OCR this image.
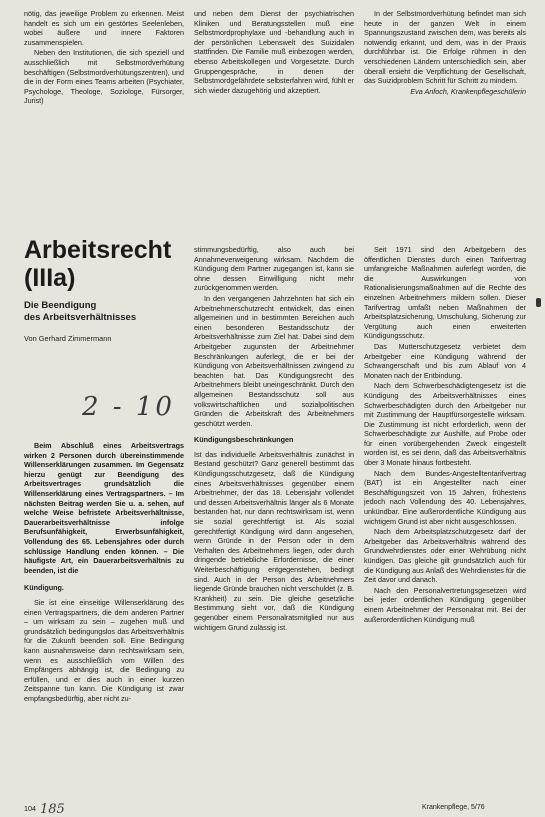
nötig, das jeweilige Problem zu erkennen. Meist handelt es sich um ein gestörtes Seelenleben, wobei äußere und innere Faktoren zusammenspielen.

Neben den Institutionen, die sich speziell und ausschließlich mit Selbstmordverhütung beschäftigen (Selbstmordverhütungszentren), und die in der Form eines Teams arbeiten (Psychiater, Psychologe, Theologe, Soziologe, Fürsorger, Jurist)

und neben dem Dienst der psychiatrischen Kliniken und Beratungsstellen muß eine Selbstmordprophylaxe und -behandlung auch in der persönlichen Lebenswelt des Suizidalen stattfinden. Die Familie muß einbezogen werden, ebenso Arbeitskollegen und Vorgesetzte. Durch Gruppengespräche, in denen der Selbstmordgefährdete selbsterfahren wird, fühlt er sich wieder dazugehörig und akzeptiert.

In der Selbstmordverhütung befindet man sich heute in der ganzen Welt in einem Spannungszustand zwischen dem, was bereits als notwendig erkannt, und dem, was in der Praxis durchführbar ist. Die Erfolge rühmen in den verschiedenen Ländern unterschiedlich sein, aber überall ersieht die Verpflichtung der Gesellschaft, das Suizidproblem Schritt für Schritt zu mindern.

Eva Anfoch, Krankenpflegeschülerin
Arbeitsrecht
(IIIa)
Die Beendigung
des Arbeitsverhältnisses
Von Gerhard Zimmermann
2 - 10
Beim Abschluß eines Arbeitsvertrags wirken 2 Personen durch übereinstimmende Willenserklärungen zusammen. Im Gegensatz hierzu genügt zur Beendigung des Arbeitsvertrages grundsätzlich die Willenserklärung eines Vertragspartners. – Im nächsten Beitrag werden Sie u. a. sehen, auf welche Weise befristete Arbeitsverhältnisse, Dauerarbeitsverhältnisse infolge Berufsunfähigkeit, Erwerbsunfähigkeit, Vollendung des 65. Lebensjahres oder durch schlüssige Handlung enden können. – Die häufigste Art, ein Dauerarbeitsverhältnis zu beenden, ist die
Kündigung.

Sie ist eine einseitige Willenserklärung des einen Vertragspartners, die dem anderen Partner – um wirksam zu sein – zugehen muß und grundsätzlich bedingungslos das Arbeitsverhältnis für die Zukunft beenden soll. Eine Bedingung kann ausnahmsweise dann rechtswirksam sein, wenn es ausschließlich vom Willen des Empfängers abhängig ist, die Bedingung zu erfüllen, und er dies auch in einer kurzen Zeitspanne tun kann. Die Kündigung ist zwar empfangsbedürftig, aber nicht zu-

stimmungsbedürftig, also auch bei Annahmeverweigerung wirksam. Nachdem die Kündigung dem Partner zugegangen ist, kann sie ohne dessen Einwilligung nicht mehr zurückgenommen werden.

In den vergangenen Jahrzehnten hat sich ein Arbeitnehmerschutzrecht entwickelt, das einen allgemeinen und in bestimmten Bereichen auch einen besonderen Bestandsschutz der Arbeitsverhältnisse zum Ziel hat. Dabei sind dem Arbeitgeber zugunsten der Arbeitnehmer Beschränkungen auferlegt, die er bei der Kündigung von Arbeitsverhältnissen zwingend zu beachten hat. Das Kündigungsrecht des Arbeitnehmers bleibt uneingeschränkt. Durch den allgemeinen Bestandsschutz soll aus volkswirtschaftlichen und sozialpolitischen Gründen die Arbeitskraft des Arbeitnehmers geschützt werden.

Kündigungsbeschränkungen

Ist das individuelle Arbeitsverhältnis zunächst in Bestand geschützt? Ganz generell bestimmt das Kündigungsschutzgesetz, daß die Kündigung eines Arbeitsverhältnisses gegenüber einem Arbeitnehmer, der das 18. Lebensjahr vollendet und dessen Arbeitsverhältnis länger als 6 Monate bestanden hat, nur dann rechtswirksam ist, wenn sie sozial gerechtfertigt ist. Als sozial gerechtfertigt Kündigung wird dann angesehen, wenn Gründe in der Person oder in dem Verhalten des Arbeitnehmers liegen, oder durch dringende betriebliche Erfordernisse, die einer Weiterbeschäftigung entgegenstehen, bedingt sind. Auch in der Person des Arbeitnehmers liegende Gründe brauchen nicht verschuldet (z. B. Krankheit) zu sein. Die gleiche gesetzliche Bestimmung sieht vor, daß die Kündigung gegenüber einem Personalratsmitglied nur aus wichtigem Grund zulässig ist.

Seit 1971 sind den Arbeitgebern des öffentlichen Dienstes durch einen Tarifvertrag umfangreiche Maßnahmen auferlegt worden, die die Auswirkungen von Rationalisierungsmaßnahmen auf die Rechte des einzelnen Arbeitnehmers mildern sollen. Dieser Tarifvertrag umfaßt neben Maßnahmen der Arbeitsplatzsicherung, Umschulung, Sicherung zur Vergütung auch einen erweiterten Kündigungsschutz.

Das Mutterschutzgesetz verbietet dem Arbeitgeber eine Kündigung während der Schwangerschaft und bis zum Ablauf von 4 Monaten nach der Entbindung.

Nach dem Schwerbeschädigtengesetz ist die Kündigung des Arbeitsverhältnisses eines Schwerbeschädigten durch den Arbeitgeber nur mit Zustimmung der Hauptfürsorgestelle wirksam. Die Zustimmung ist nicht erforderlich, wenn der Schwerbeschädigte zur Aushilfe, auf Probe oder für einen vorübergehenden Zweck eingestellt worden ist, es sei denn, daß das Arbeitsverhältnis über 3 Monate hinaus fortbesteht.

Nach dem Bundes-Angestelltentarifvertrag (BAT) ist ein Angestellter nach einer Beschäftigungszeit von 15 Jahren, frühestens jedoch nach Vollendung des 40. Lebensjahres, unkündbar. Eine außerordentliche Kündigung aus wichtigem Grund ist aber nicht ausgeschlossen.

Nach dem Arbeitsplatzschutzgesetz darf der Arbeitgeber das Arbeitsverhältnis während des Grundwehrdienstes oder einer Wehrübung nicht kündigen. Das gleiche gilt grundsätzlich auch für die Kündigung aus Anlaß des Wehrdienstes für die Zeit davor und danach.

Nach den Personalvertretungsgesetzen wird bei jeder ordentlichen Kündigung gegenüber einem Arbeitnehmer der Personalrat mit. Bei der außerordentlichen Kündigung muß

104 185	Krankenpflege, 5/76
